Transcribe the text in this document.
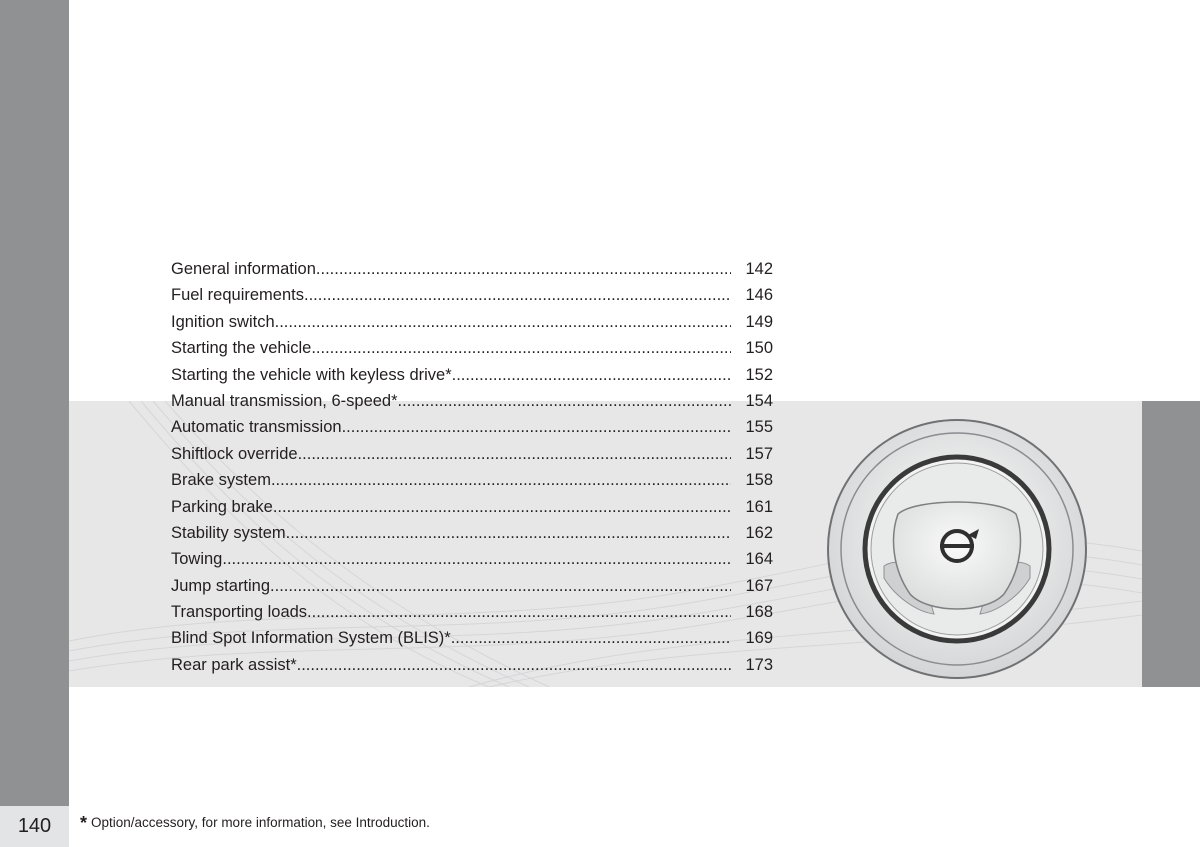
140
General information .....	142
Fuel requirements .....	146
Ignition switch .....	149
Starting the vehicle .....	150
Starting the vehicle with keyless drive* .....	152
Manual transmission, 6-speed* .....	154
Automatic transmission .....	155
Shiftlock override .....	157
Brake system .....	158
Parking brake .....	161
Stability system .....	162
Towing .....	164
Jump starting .....	167
Transporting loads .....	168
Blind Spot Information System (BLIS)* .....	169
Rear park assist* .....	173
* Option/accessory, for more information, see Introduction.
